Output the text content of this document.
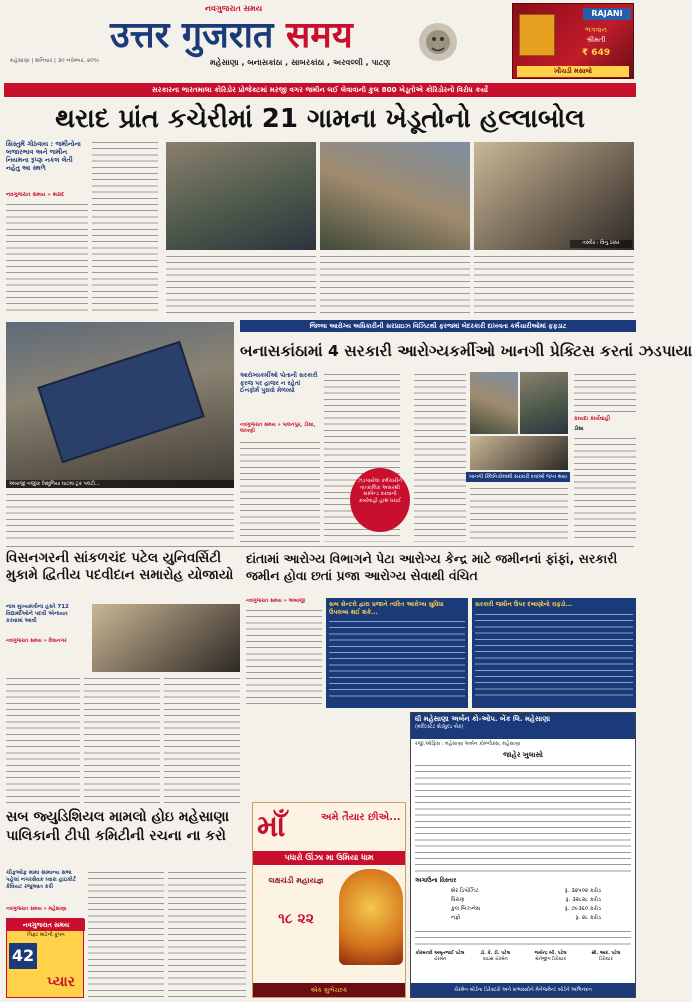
નવગુજરાત સમય
उत्तर गुजरात समय
મહેસાણા , બનાસકાંઠા , સાબરકાંઠા , અરવલ્લી , પાટણ
મહેસાણા | શનિવાર | ૩૦ નવેમ્બર, ૨૦૧૯
RAJANI
ભગવાન
શ્રીમતી
₹ 649
ખીચડી મસાલો
સરકારના ભારતમાલા કોરિડોર પ્રોજેક્ટમાં મરજી વગર જમીન લઈ લેવાવાની કુલ 800 ખેડૂતોએ કોરિડોરનો વિરોધ કર્યો
થરાદ પ્રાંત કચેરીમાં 21 ગામના ખેડૂતોનો હલ્લાબોલ
સિસ્તુમેં ગોઠવાય : જમીનોના બજારભાવ અને જમીન નિયમના રૂપ્ણ નકલ લેતી નહેતુ આ સ્થળે
નવગુજરાત સમય » થરાદ
તસ્વીર : વિનુ ઠક્કર
જિલ્લા આરોગ્ય અધિકારીની સરપ્રાઇઝ વિઝિટથી ફરજમાં બેદરકારી દાખવતા કર્મચારીઓમાં ફફડાટ
અંબાજી નજીક ત્રિશૂળિયા ઘાટમાં ટ્રક પલટી...
બનાસકાંઠામાં 4 સરકારી આરોગ્યકર્મીઓ ખાનગી પ્રેક્ટિસ કરતાં ઝડપાયા
આરોગ્યકર્મીઓ પોતાની સરકારી ફરજ પર હાજર ન રહેતાં ઈનફોર્મ પુરાવો મેળવ્યો
નવગુજરાત સમય » પાલનપુર, ડીસા, લાખણી
ઝડપાયેલા કર્મચારીને તાત્કાલિક અસરથી સસ્પેન્ડ કરવાની કાર્યવાહી હાથ ધરાઈ
ખાનગી ક્લિનિકોમાંથી સરકારી દવાઓ જપ્ત થયા
કાયદા કાર્યવાહી
ડીસા
વિસનગરની સાંકળચંદ પટેલ યુનિવર્સિટી મુકામે દ્વિતીય પદવીદાન સમારોહ યોજાયો
નામ મુખ્યમંત્રીના હસ્તે 712 વિદ્યાર્થીઓને પદવી એનાયત કરવામાં આવી
નવગુજરાત સમય » વિસનગર
દાંતામાં આરોગ્ય વિભાગને પેટા આરોગ્ય કેન્દ્ર માટે જમીનનાં ફાંફાં, સરકારી જમીન હોવા છતાં પ્રજા આરોગ્ય સેવાથી વંચિત
નવગુજરાત સમય » અંબાજી	સબ સેન્ટરો દ્વારા પ્રજાને ત્વરિત આરોગ્ય સુવિધા ઉપલબ્ધ થઈ શકે...
સરકારી જમીન ઉપર દબાણોનો રાફડો...
સબ જ્યુડિશિયલ મામલો હોઇ મહેસાણા પાલિકાની ટીપી કમિટીની રચના ના કરો
ચીફઓફ મામા સામાન્ય સભા પહેલાં નગરસેવક ધ્વારા હાઇકોર્ટ કેવિયટ રજુઆત કરી
નવગુજરાત સમય » મહેસાણા
નવગુજરાત સમય
ગિફ્ટ માટેની કૂપન
42
પ્યાર
માઁ	અમે તૈયાર છીએ...
પધારો ઊંઝા મા ઉમિયા ધામ
લક્ષચંડી મહાયજ્ઞ
૧૮ ૨૨
એક શુભેચ્છક
ધી મહેસાણા અર્બન કો-ઓપ. બેંક લિ. મહેસાણા
(મલ્ટિસ્ટેટ શેડ્યુલ્ડ બેંક)
રજી.ઓફિસ : મહેસાણા અર્બન કોમ્પ્લેક્સ, મહેસાણા
જાહેર ખુલાસો
અગાઉના વિસ્તાર
શેર ડિપોઝિટ	રૂ. ૩૨૫૦૨ કરોડ
ધિરાણ	રૂ. ૩૨૮૨૮ કરોડ
કુલ બિઝનેસ	રૂ. ૭૯૩૬૦ કરોડ
નફો	રૂ. ૨૮ કરોડ
કોરમનાદે અમૃતભાઈ પટેલ
ચેરમેન
ડૉ. કે. ડી. પટેલ
વાઇસ ચેરમેન
જયેન્દ્ર બી. પટેલ
મેનેજીંગ ડિરેક્ટર
સી. આર. પટેલ
ડિરેક્ટર
ચેરમેન બોર્ડના ડિરેક્ટરો અને સભાસદોને મેનેજમેન્ટ બોર્ડને અભિનંદન
